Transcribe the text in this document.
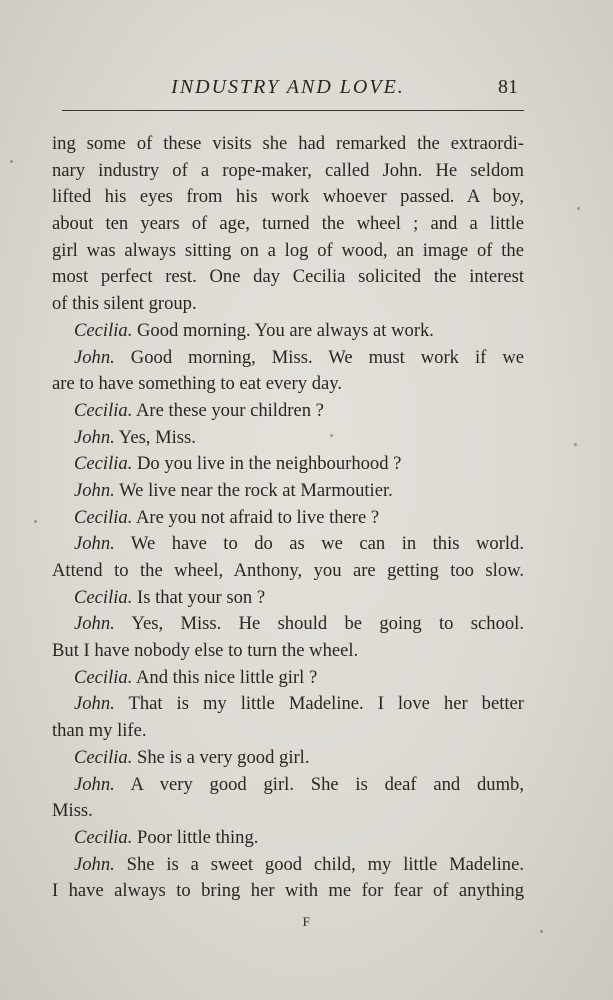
INDUSTRY AND LOVE.	81
ing some of these visits she had remarked the extraordi-
nary industry of a rope-maker, called John. He seldom
lifted his eyes from his work whoever passed. A boy,
about ten years of age, turned the wheel ; and a little
girl was always sitting on a log of wood, an image of the
most perfect rest. One day Cecilia solicited the interest
of this silent group.
Cecilia. Good morning. You are always at work.
John. Good morning, Miss. We must work if we
are to have something to eat every day.
Cecilia. Are these your children ?
John. Yes, Miss.
Cecilia. Do you live in the neighbourhood ?
John. We live near the rock at Marmoutier.
Cecilia. Are you not afraid to live there ?
John. We have to do as we can in this world.
Attend to the wheel, Anthony, you are getting too slow.
Cecilia. Is that your son ?
John. Yes, Miss. He should be going to school.
But I have nobody else to turn the wheel.
Cecilia. And this nice little girl ?
John. That is my little Madeline. I love her better
than my life.
Cecilia. She is a very good girl.
John. A very good girl. She is deaf and dumb,
Miss.
Cecilia. Poor little thing.
John. She is a sweet good child, my little Madeline.
I have always to bring her with me for fear of anything
F
